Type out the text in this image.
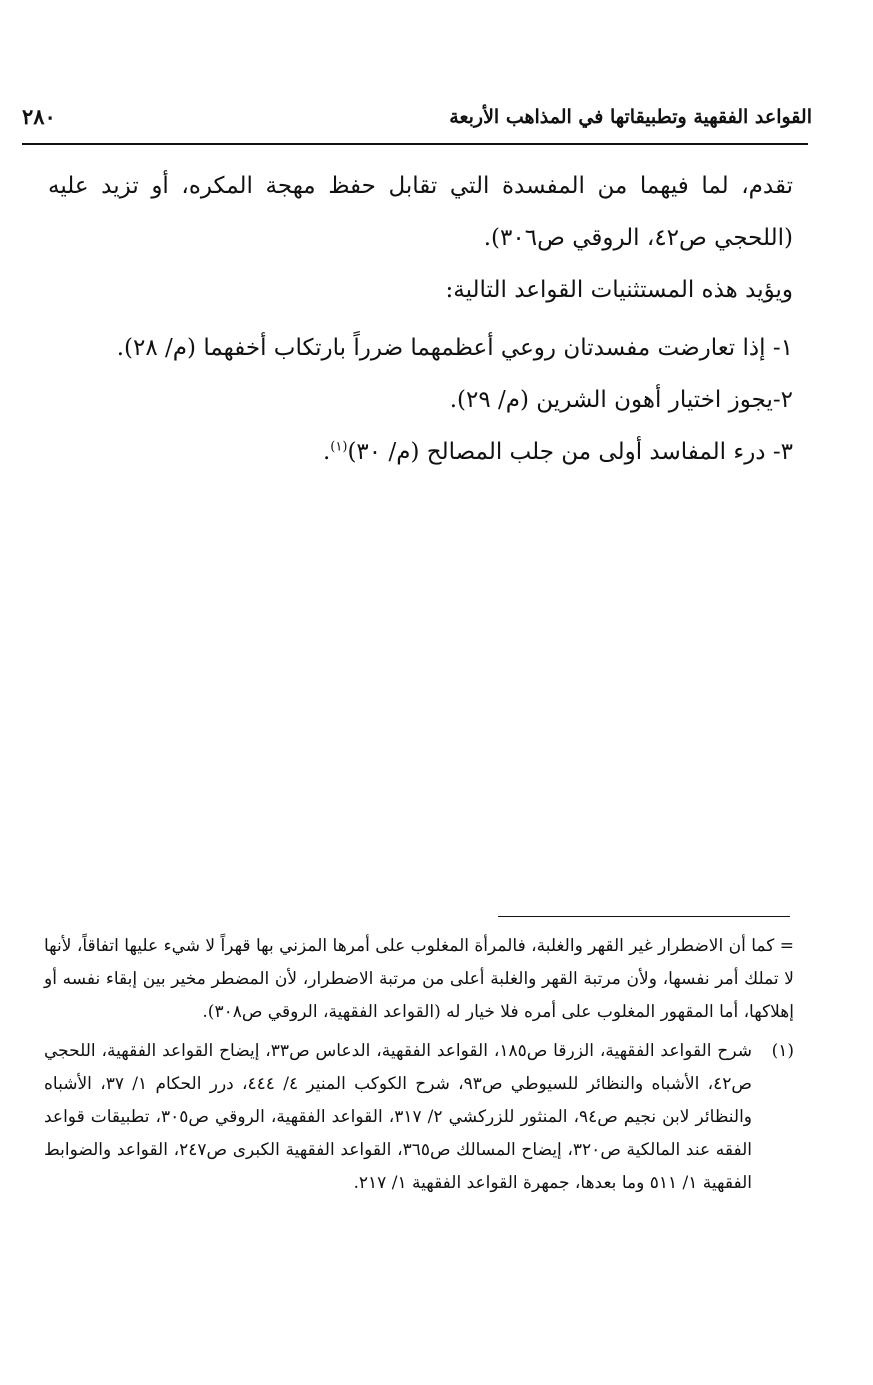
القواعد الفقهية وتطبيقاتها في المذاهب الأربعة
٢٨٠

تقدم، لما فيهما من المفسدة التي تقابل حفظ مهجة المكره، أو تزيد عليه (اللحجي ص٤٢، الروقي ص٣٠٦).

ويؤيد هذه المستثنيات القواعد التالية:

١- إذا تعارضت مفسدتان روعي أعظمهما ضرراً بارتكاب أخفهما (م/ ٢٨).

٢-يجوز اختيار أهون الشرين (م/ ٢٩).

٣- درء المفاسد أولى من جلب المصالح (م/ ٣٠)$^{(١)}$.

= كما أن الاضطرار غير القهر والغلبة، فالمرأة المغلوب على أمرها المزني بها قهراً لا شيء عليها اتفاقاً، لأنها لا تملك أمر نفسها، ولأن مرتبة القهر والغلبة أعلى من مرتبة الاضطرار، لأن المضطر مخير بين إبقاء نفسه أو إهلاكها، أما المقهور المغلوب على أمره فلا خيار له (القواعد الفقهية، الروقي ص٣٠٨).

(١)
شرح القواعد الفقهية، الزرقا ص١٨٥، القواعد الفقهية، الدعاس ص٣٣، إيضاح القواعد الفقهية، اللحجي ص٤٢، الأشباه والنظائر للسيوطي ص٩٣، شرح الكوكب المنير ٤/ ٤٤٤، درر الحكام ١/ ٣٧، الأشباه والنظائر لابن نجيم ص٩٤، المنثور للزركشي ٢/ ٣١٧، القواعد الفقهية، الروقي ص٣٠٥، تطبيقات قواعد الفقه عند المالكية ص٣٢٠، إيضاح المسالك ص٣٦٥، القواعد الفقهية الكبرى ص٢٤٧، القواعد والضوابط الفقهية ١/ ٥١١ وما بعدها، جمهرة القواعد الفقهية ١/ ٢١٧.
